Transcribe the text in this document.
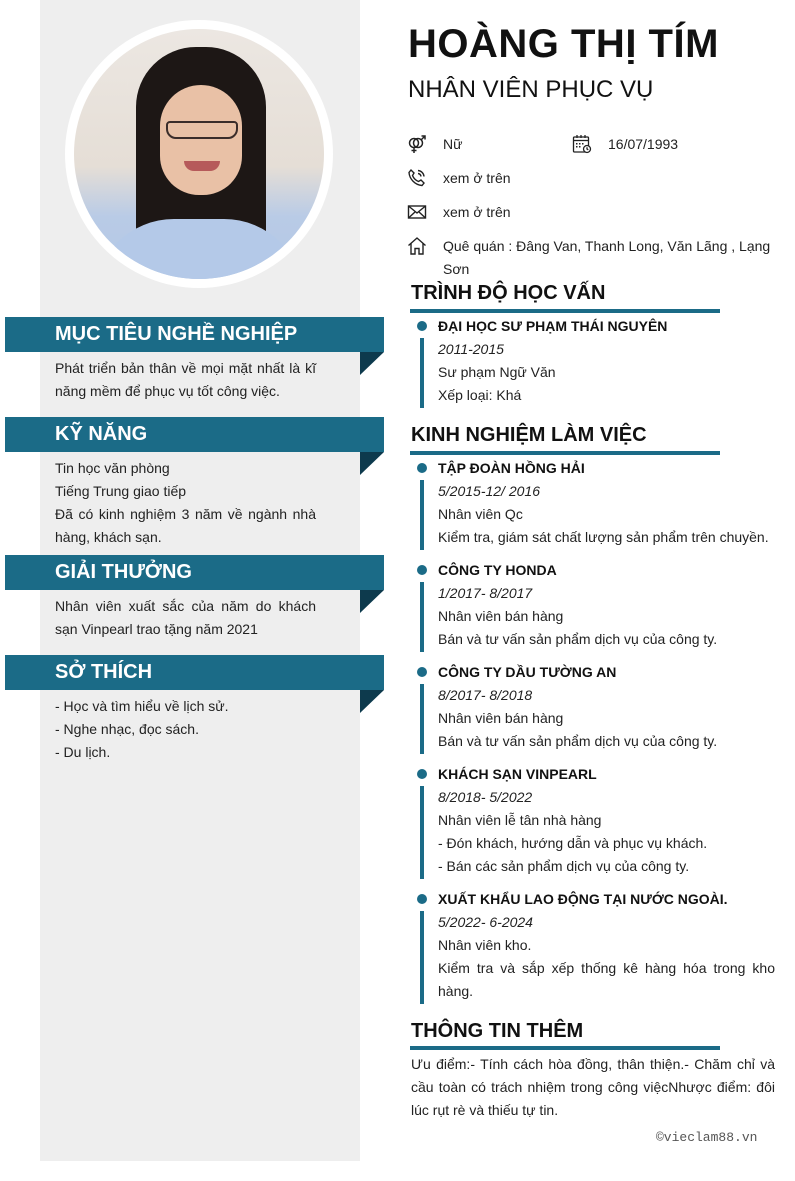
MỤC TIÊU NGHỀ NGHIỆP

Phát triển bản thân về mọi mặt nhất là kĩ năng mềm để phục vụ tốt công việc.

KỸ NĂNG

Tin học văn phòng

Tiếng Trung giao tiếp

Đã có kinh nghiệm 3 năm về ngành nhà hàng, khách sạn.

GIẢI THƯỞNG

Nhân viên xuất sắc của năm do khách sạn Vinpearl trao tặng năm 2021

SỞ THÍCH

- Học và tìm hiểu về lịch sử.

- Nghe nhạc, đọc sách.

- Du lịch.

HOÀNG THỊ TÍM
NHÂN VIÊN PHỤC VỤ
Nữ	16/07/1993
xem ở trên
xem ở trên
Quê quán : Đâng Van, Thanh Long, Văn Lãng , Lạng
Sơn
TRÌNH ĐỘ HỌC VẤN
ĐẠI HỌC SƯ PHẠM THÁI NGUYÊN
2011-2015
Sư phạm Ngữ Văn
Xếp loại: Khá
KINH NGHIỆM LÀM VIỆC
TẬP ĐOÀN HỒNG HẢI
5/2015-12/ 2016
Nhân viên Qc
Kiểm tra, giám sát chất lượng sản phẩm trên chuyền.
CÔNG TY HONDA
1/2017- 8/2017
Nhân viên bán hàng
Bán và tư vấn sản phẩm dịch vụ của công ty.
CÔNG TY DẦU TƯỜNG AN
8/2017- 8/2018
Nhân viên bán hàng
Bán và tư vấn sản phẩm dịch vụ của công ty.
KHÁCH SẠN VINPEARL
8/2018- 5/2022
Nhân viên lễ tân nhà hàng
- Đón khách, hướng dẫn và phục vụ khách.
- Bán các sản phẩm dịch vụ của công ty.
XUẤT KHẨU LAO ĐỘNG TẠI NƯỚC NGOÀI.
5/2022- 6-2024
Nhân viên kho.
Kiểm tra và sắp xếp thống kê hàng hóa trong kho hàng.
THÔNG TIN THÊM
Ưu điểm:- Tính cách hòa đồng, thân thiện.- Chăm chỉ và cầu toàn có trách nhiệm trong công việcNhược điểm: đôi lúc rụt rè và thiếu tự tin.
©vieclam88.vn
